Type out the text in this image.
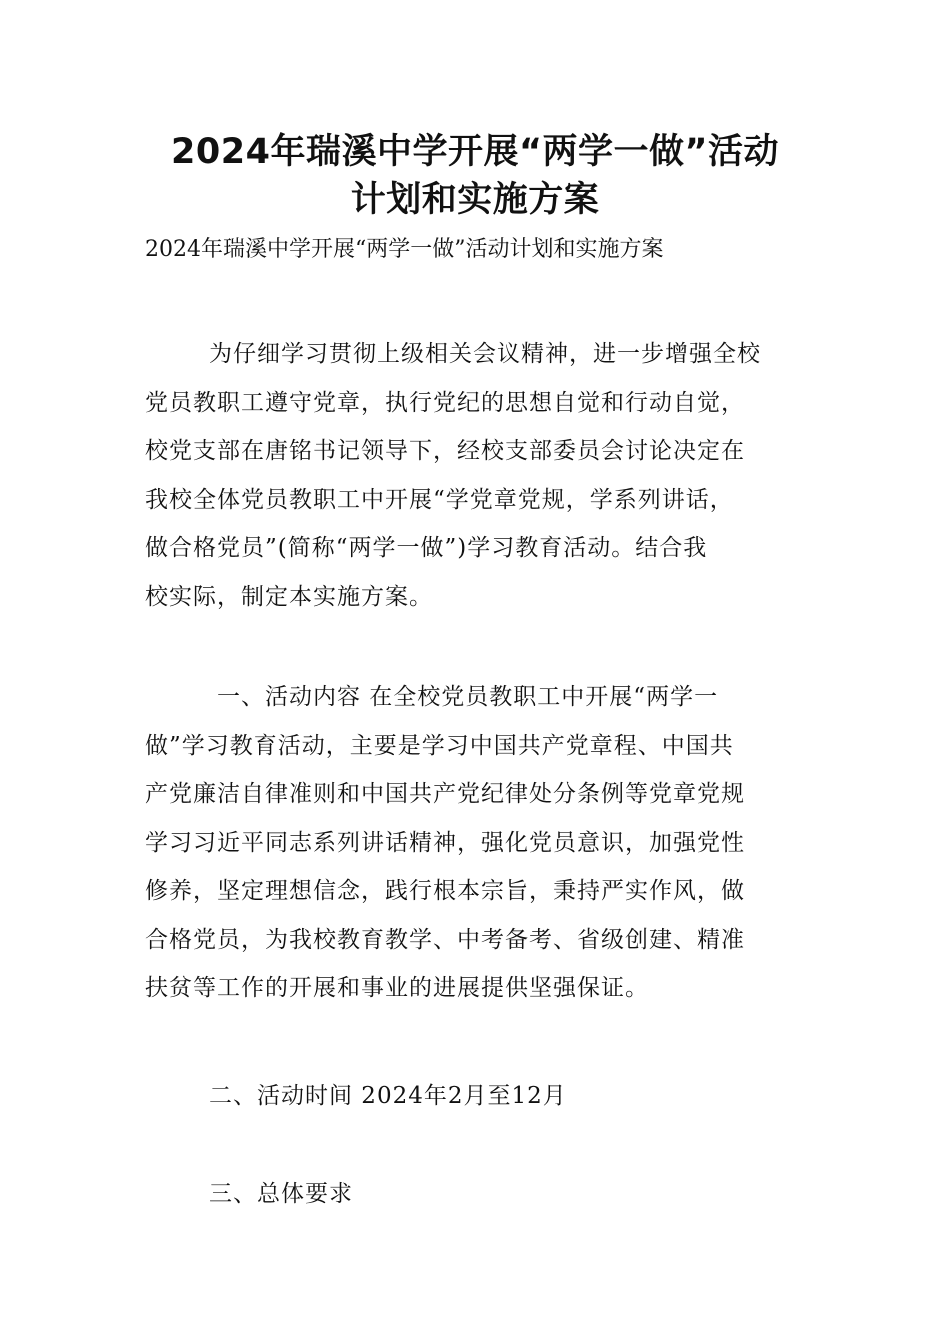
2024年瑞溪中学开展“两学一做”活动
计划和实施方案
2024年瑞溪中学开展“两学一做”活动计划和实施方案
为仔细学习贯彻上级相关会议精神，进一步增强全校
党员教职工遵守党章，执行党纪的思想自觉和行动自觉，
校党支部在唐铭书记领导下，经校支部委员会讨论决定在
我校全体党员教职工中开展“学党章党规，学系列讲话，
做合格党员”(简称“两学一做”)学习教育活动。结合我
校实际，制定本实施方案。
一、活动内容 在全校党员教职工中开展“两学一
做”学习教育活动，主要是学习中国共产党章程、中国共
产党廉洁自律准则和中国共产党纪律处分条例等党章党规
学习习近平同志系列讲话精神，强化党员意识，加强党性
修养，坚定理想信念，践行根本宗旨，秉持严实作风，做
合格党员，为我校教育教学、中考备考、省级创建、精准
扶贫等工作的开展和事业的进展提供坚强保证。
二、活动时间 2024年2月至12月
三、总体要求
